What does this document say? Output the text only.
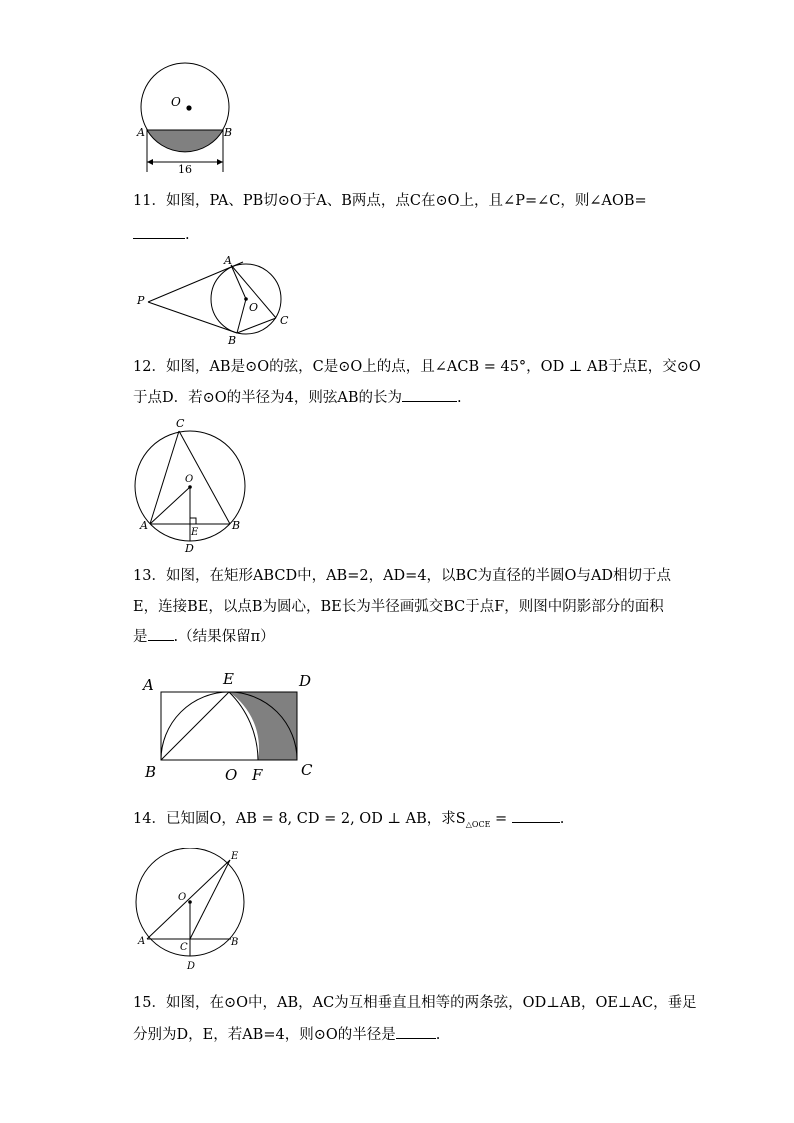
O
A	B
16
11．如图，PA、PB切⊙O于A、B两点，点C在⊙O上，且∠P=∠C，则∠AOB=
.
A
P
O
C
B
12．如图，AB是⊙O的弦，C是⊙O上的点，且∠ACB = 45°，OD ⊥ AB于点E，交⊙O
于点D．若⊙O的半径为4，则弦AB的长为	.
C
O
A
E
B
D
13．如图，在矩形ABCD中，AB=2，AD=4，以BC为直径的半圆O与AD相切于点
E，连接BE，以点B为圆心，BE长为半径画弧交BC于点F，则图中阴影部分的面积
是 .（结果保留π）
A	E	D
B	O F	C
14．已知圆O，AB = 8, CD = 2, OD ⊥ AB，求$S_{\triangle OCE}$ =	.
E
O
A
C	B
D
15．如图，在⊙O中，AB，AC为互相垂直且相等的两条弦，OD⊥AB，OE⊥AC，垂足
分别为D，E，若AB=4，则⊙O的半径是	.
